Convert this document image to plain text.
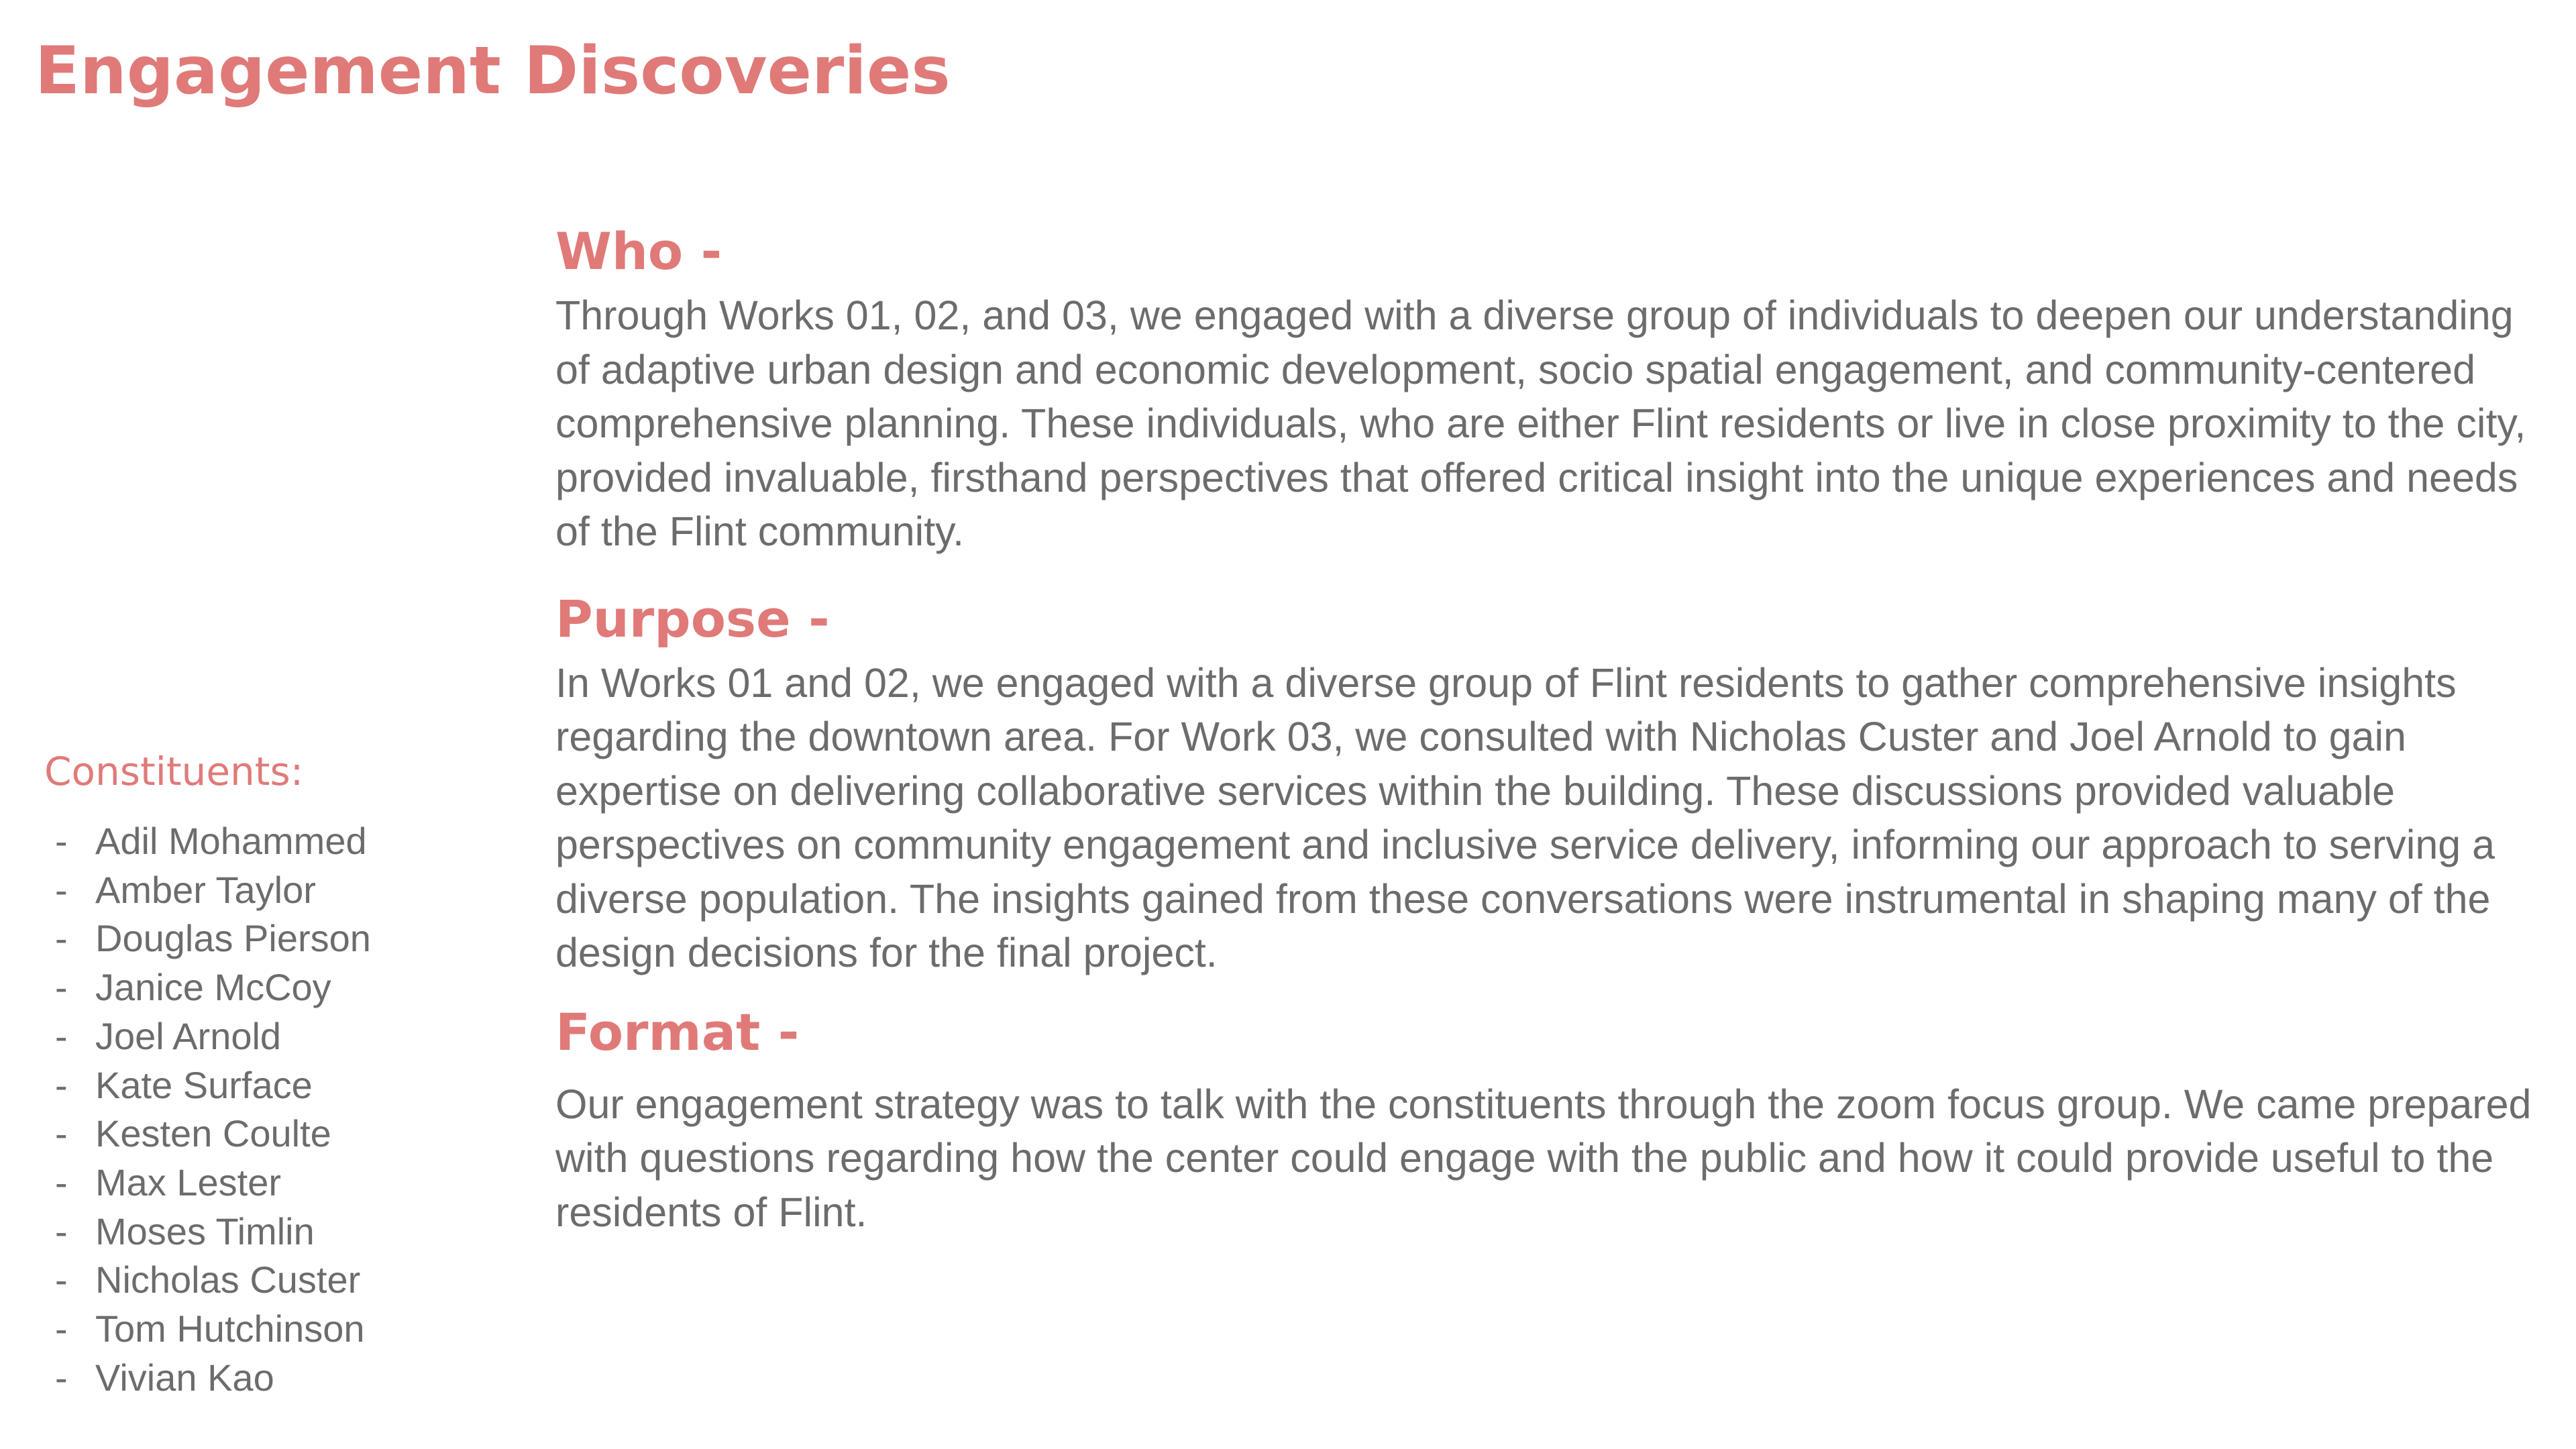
Engagement Discoveries
Constituents:
- Adil Mohammed
- Amber Taylor
- Douglas Pierson
- Janice McCoy
- Joel Arnold
- Kate Surface
- Kesten Coulte
- Max Lester
- Moses Timlin
- Nicholas Custer
- Tom Hutchinson
- Vivian Kao
Who -

Through Works 01, 02, and 03, we engaged with a diverse group of individuals to deepen our understanding of adaptive urban design and economic development, socio spatial engagement, and community-centered comprehensive planning. These individuals, who are either Flint residents or live in close proximity to the city, provided invaluable, firsthand perspectives that offered critical insight into the unique experiences and needs of the Flint community.

Purpose -

In Works 01 and 02, we engaged with a diverse group of Flint residents to gather comprehensive insights regarding the downtown area. For Work 03, we consulted with Nicholas Custer and Joel Arnold to gain expertise on delivering collaborative services within the building. These discussions provided valuable perspectives on community engagement and inclusive service delivery, informing our approach to serving a diverse population. The insights gained from these conversations were instrumental in shaping many of the design decisions for the final project.

Format -

Our engagement strategy was to talk with the constituents through the zoom focus group. We came prepared with questions regarding how the center could engage with the public and how it could provide useful to the residents of Flint.
